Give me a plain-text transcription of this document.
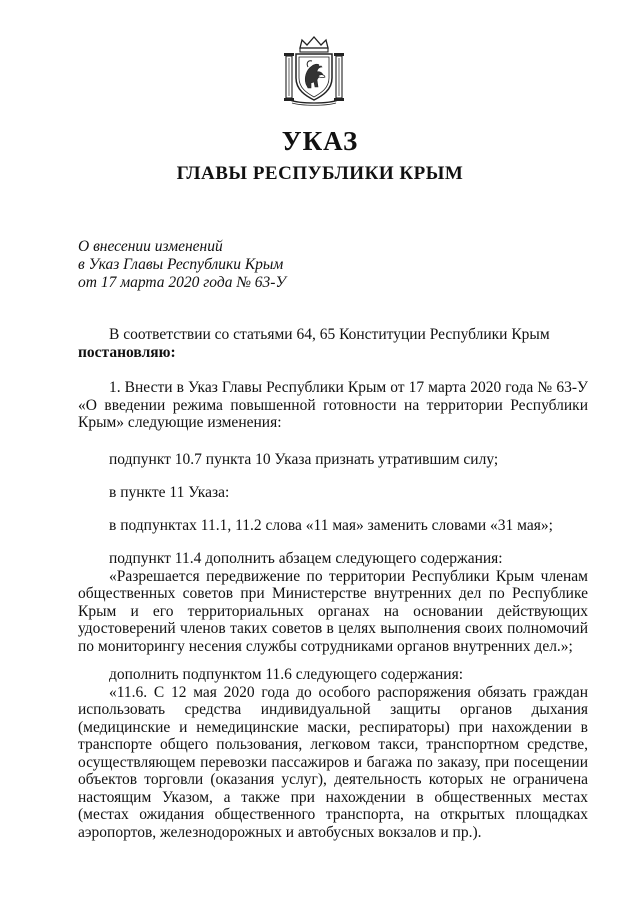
УКАЗ
ГЛАВЫ РЕСПУБЛИКИ КРЫМ
О внесении изменений
в Указ Главы Республики Крым
от 17 марта 2020 года № 63-У

В соответствии со статьями 64, 65 Конституции Республики Крым

постановляю:

1. Внести в Указ Главы Республики Крым от 17 марта 2020 года № 63-У «О введении режима повышенной готовности на территории Республики Крым» следующие изменения:

подпункт 10.7 пункта 10 Указа признать утратившим силу;

в пункте 11 Указа:

в подпунктах 11.1, 11.2 слова «11 мая» заменить словами «31 мая»;

подпункт 11.4 дополнить абзацем следующего содержания:

«Разрешается передвижение по территории Республики Крым членам общественных советов при Министерстве внутренних дел по Республике Крым и его территориальных органах на основании действующих удостоверений членов таких советов в целях выполнения своих полномочий по мониторингу несения службы сотрудниками органов внутренних дел.»;

дополнить подпунктом 11.6 следующего содержания:

«11.6. С 12 мая 2020 года до особого распоряжения обязать граждан использовать средства индивидуальной защиты органов дыхания (медицинские и немедицинские маски, респираторы) при нахождении в транспорте общего пользования, легковом такси, транспортном средстве, осуществляющем перевозки пассажиров и багажа по заказу, при посещении объектов торговли (оказания услуг), деятельность которых не ограничена настоящим Указом, а также при нахождении в общественных местах (местах ожидания общественного транспорта, на открытых площадках аэропортов, железнодорожных и автобусных вокзалов и пр.).
